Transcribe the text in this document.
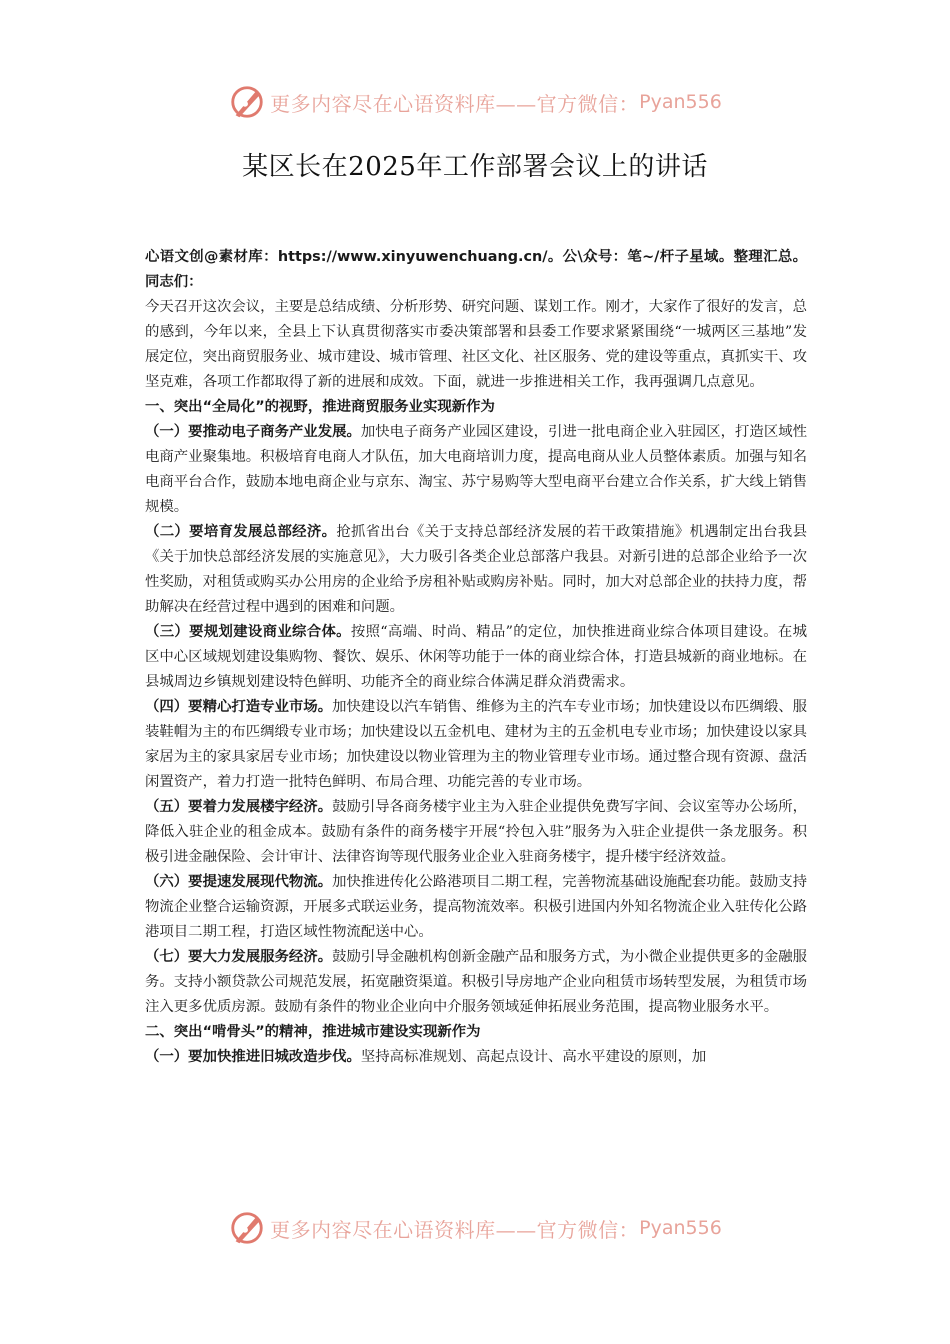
更多内容尽在心语资料库——官方微信： Pyan556
某区长在2025年工作部署会议上的讲话

心语文创@素材库：https://www.xinyuwenchuang.cn/。公\众号：笔~/杆子星域。整理汇总。同志们：

今天召开这次会议，主要是总结成绩、分析形势、研究问题、谋划工作。刚才，大家作了很好的发言，总的感到，今年以来，全县上下认真贯彻落实市委决策部署和县委工作要求紧紧围绕“一城两区三基地”发展定位，突出商贸服务业、城市建设、城市管理、社区文化、社区服务、党的建设等重点，真抓实干、攻坚克难，各项工作都取得了新的进展和成效。下面，就进一步推进相关工作，我再强调几点意见。

一、突出“全局化”的视野，推进商贸服务业实现新作为

（一）要推动电子商务产业发展。加快电子商务产业园区建设，引进一批电商企业入驻园区，打造区域性电商产业聚集地。积极培育电商人才队伍，加大电商培训力度，提高电商从业人员整体素质。加强与知名电商平台合作，鼓励本地电商企业与京东、淘宝、苏宁易购等大型电商平台建立合作关系，扩大线上销售规模。

（二）要培育发展总部经济。抢抓省出台《关于支持总部经济发展的若干政策措施》机遇制定出台我县《关于加快总部经济发展的实施意见》，大力吸引各类企业总部落户我县。对新引进的总部企业给予一次性奖励，对租赁或购买办公用房的企业给予房租补贴或购房补贴。同时，加大对总部企业的扶持力度，帮助解决在经营过程中遇到的困难和问题。

（三）要规划建设商业综合体。按照“高端、时尚、精品”的定位，加快推进商业综合体项目建设。在城区中心区域规划建设集购物、餐饮、娱乐、休闲等功能于一体的商业综合体，打造县城新的商业地标。在县城周边乡镇规划建设特色鲜明、功能齐全的商业综合体满足群众消费需求。

（四）要精心打造专业市场。加快建设以汽车销售、维修为主的汽车专业市场；加快建设以布匹绸缎、服装鞋帽为主的布匹绸缎专业市场；加快建设以五金机电、建材为主的五金机电专业市场；加快建设以家具家居为主的家具家居专业市场；加快建设以物业管理为主的物业管理专业市场。通过整合现有资源、盘活闲置资产，着力打造一批特色鲜明、布局合理、功能完善的专业市场。

（五）要着力发展楼宇经济。鼓励引导各商务楼宇业主为入驻企业提供免费写字间、会议室等办公场所，降低入驻企业的租金成本。鼓励有条件的商务楼宇开展“拎包入驻”服务为入驻企业提供一条龙服务。积极引进金融保险、会计审计、法律咨询等现代服务业企业入驻商务楼宇，提升楼宇经济效益。

（六）要提速发展现代物流。加快推进传化公路港项目二期工程，完善物流基础设施配套功能。鼓励支持物流企业整合运输资源，开展多式联运业务，提高物流效率。积极引进国内外知名物流企业入驻传化公路港项目二期工程，打造区域性物流配送中心。

（七）要大力发展服务经济。鼓励引导金融机构创新金融产品和服务方式，为小微企业提供更多的金融服务。支持小额贷款公司规范发展，拓宽融资渠道。积极引导房地产企业向租赁市场转型发展，为租赁市场注入更多优质房源。鼓励有条件的物业企业向中介服务领域延伸拓展业务范围，提高物业服务水平。

二、突出“啃骨头”的精神，推进城市建设实现新作为

（一）要加快推进旧城改造步伐。坚持高标准规划、高起点设计、高水平建设的原则，加

更多内容尽在心语资料库——官方微信： Pyan556
